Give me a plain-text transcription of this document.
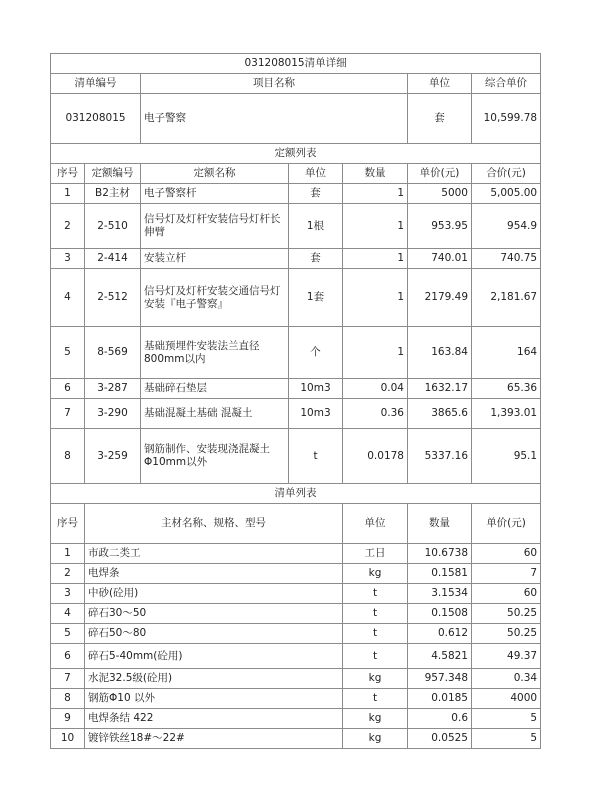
031208015清单详细							
清单编号		项目名称			单位	综合单价	
031208015		电子警察			套	10,599.78	
定额列表							
序号	定额编号	定额名称	单位	数量	单价(元)	合价(元)	
1	B2主材	电子警察杆	套	1	5000	5,005.00	
2	2-510	信号灯及灯杆安装信号灯杆长伸臂	1根	1	953.95	954.9	
3	2-414	安装立杆	套	1	740.01	740.75	
4	2-512	信号灯及灯杆安装交通信号灯安装『电子警察』	1套	1	2179.49	2,181.67	
5	8-569	基础预埋件安装法兰直径800mm以内	个	1	163.84	164	
6	3-287	基础碎石垫层	10m3	0.04	1632.17	65.36	
7	3-290	基础混凝土基础 混凝土	10m3	0.36	3865.6	1,393.01	
8	3-259	钢筋制作、安装现浇混凝土Φ10mm以外	t	0.0178	5337.16	95.1	
清单列表							
序号	主材名称、规格、型号			单位	数量	单价(元)	
1	市政二类工			工日	10.6738	60	
2	电焊条			kg	0.1581	7	
3	中砂(砼用)			t	3.1534	60	
4	碎石30～50			t	0.1508	50.25	
5	碎石50～80			t	0.612	50.25	
6	碎石5-40mm(砼用)			t	4.5821	49.37	
7	水泥32.5级(砼用)			kg	957.348	0.34	
8	钢筋Φ10 以外			t	0.0185	4000	
9	电焊条结 422			kg	0.6	5	
10	镀锌铁丝18#～22#			kg	0.0525	5	
